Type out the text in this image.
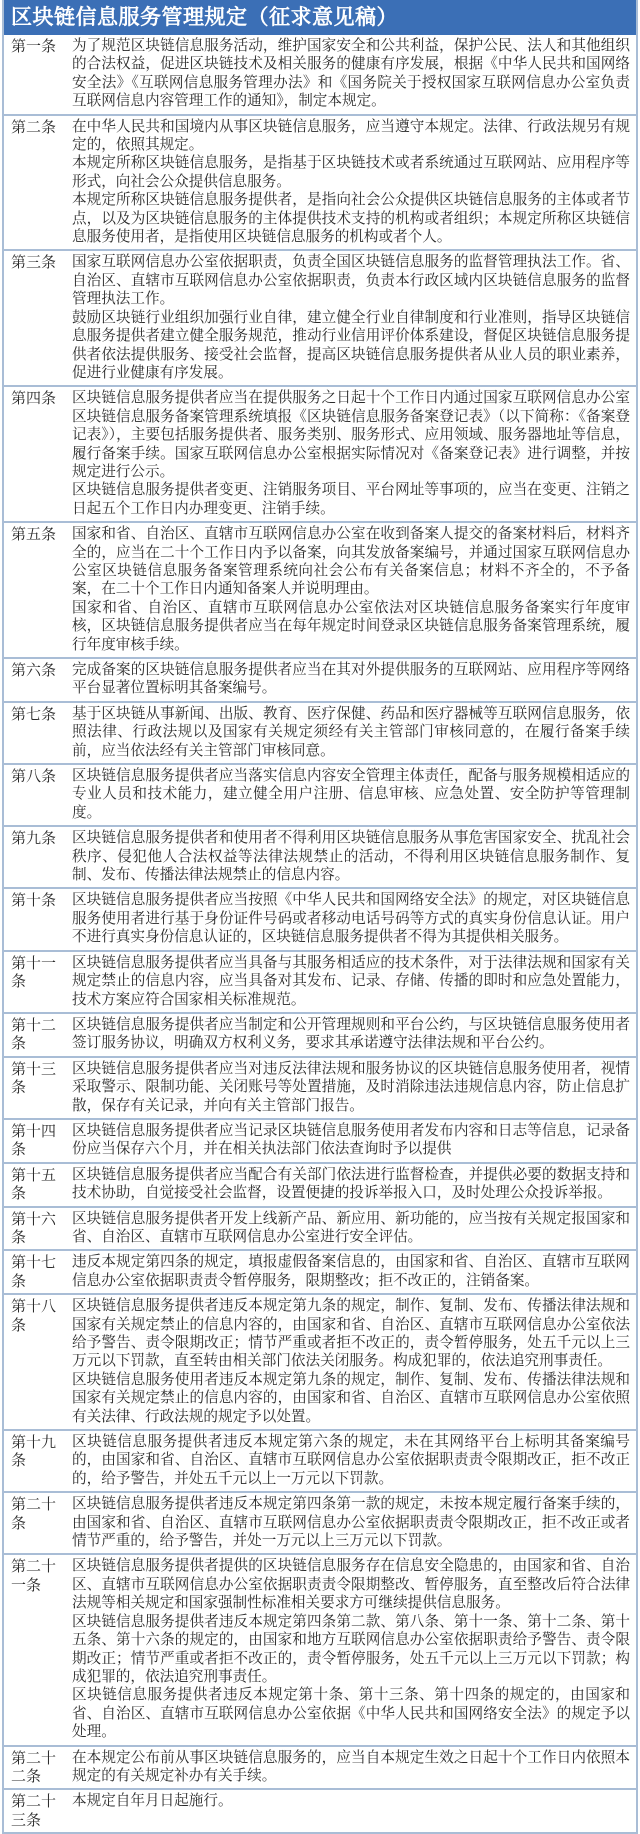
区块链信息服务管理规定（征求意见稿）
第一条 为了规范区块链信息服务活动，维护国家安全和公共利益，保护公民、法人和其他组织的合法权益，促进区块链技术及相关服务的健康有序发展，根据《中华人民共和国网络安全法》《互联网信息服务管理办法》和《国务院关于授权国家互联网信息办公室负责互联网信息内容管理工作的通知》，制定本规定。
第二条 在中华人民共和国境内从事区块链信息服务，应当遵守本规定。法律、行政法规另有规定的，依照其规定。
本规定所称区块链信息服务，是指基于区块链技术或者系统通过互联网站、应用程序等形式，向社会公众提供信息服务。
本规定所称区块链信息服务提供者，是指向社会公众提供区块链信息服务的主体或者节点，以及为区块链信息服务的主体提供技术支持的机构或者组织；本规定所称区块链信息服务使用者，是指使用区块链信息服务的机构或者个人。
第三条 国家互联网信息办公室依据职责，负责全国区块链信息服务的监督管理执法工作。省、自治区、直辖市互联网信息办公室依据职责，负责本行政区域内区块链信息服务的监督管理执法工作。
鼓励区块链行业组织加强行业自律，建立健全行业自律制度和行业准则，指导区块链信息服务提供者建立健全服务规范，推动行业信用评价体系建设，督促区块链信息服务提供者依法提供服务、接受社会监督，提高区块链信息服务提供者从业人员的职业素养，促进行业健康有序发展。
第四条 区块链信息服务提供者应当在提供服务之日起十个工作日内通过国家互联网信息办公室区块链信息服务备案管理系统填报《区块链信息服务备案登记表》（以下简称：《备案登记表》），主要包括服务提供者、服务类别、服务形式、应用领域、服务器地址等信息，履行备案手续。国家互联网信息办公室根据实际情况对《备案登记表》进行调整，并按规定进行公示。
区块链信息服务提供者变更、注销服务项目、平台网址等事项的，应当在变更、注销之日起五个工作日内办理变更、注销手续。
第五条 国家和省、自治区、直辖市互联网信息办公室在收到备案人提交的备案材料后，材料齐全的，应当在二十个工作日内予以备案，向其发放备案编号，并通过国家互联网信息办公室区块链信息服务备案管理系统向社会公布有关备案信息；材料不齐全的，不予备案，在二十个工作日内通知备案人并说明理由。
国家和省、自治区、直辖市互联网信息办公室依法对区块链信息服务备案实行年度审核，区块链信息服务提供者应当在每年规定时间登录区块链信息服务备案管理系统，履行年度审核手续。
第六条 完成备案的区块链信息服务提供者应当在其对外提供服务的互联网站、应用程序等网络平台显著位置标明其备案编号。
第七条 基于区块链从事新闻、出版、教育、医疗保健、药品和医疗器械等互联网信息服务，依照法律、行政法规以及国家有关规定须经有关主管部门审核同意的，在履行备案手续前，应当依法经有关主管部门审核同意。
第八条 区块链信息服务提供者应当落实信息内容安全管理主体责任，配备与服务规模相适应的专业人员和技术能力，建立健全用户注册、信息审核、应急处置、安全防护等管理制度。
第九条 区块链信息服务提供者和使用者不得利用区块链信息服务从事危害国家安全、扰乱社会秩序、侵犯他人合法权益等法律法规禁止的活动，不得利用区块链信息服务制作、复制、发布、传播法律法规禁止的信息内容。
第十条 区块链信息服务提供者应当按照《中华人民共和国网络安全法》的规定，对区块链信息服务使用者进行基于身份证件号码或者移动电话号码等方式的真实身份信息认证。用户不进行真实身份信息认证的，区块链信息服务提供者不得为其提供相关服务。
第十一条
区块链信息服务提供者应当具备与其服务相适应的技术条件，对于法律法规和国家有关规定禁止的信息内容，应当具备对其发布、记录、存储、传播的即时和应急处置能力，技术方案应符合国家相关标准规范。
第十二条
区块链信息服务提供者应当制定和公开管理规则和平台公约，与区块链信息服务使用者签订服务协议，明确双方权利义务，要求其承诺遵守法律法规和平台公约。
第十三条
区块链信息服务提供者应当对违反法律法规和服务协议的区块链信息服务使用者，视情采取警示、限制功能、关闭账号等处置措施，及时消除违法违规信息内容，防止信息扩散，保存有关记录，并向有关主管部门报告。
第十四条
区块链信息服务提供者应当记录区块链信息服务使用者发布内容和日志等信息，记录备份应当保存六个月，并在相关执法部门依法查询时予以提供
第十五条
区块链信息服务提供者应当配合有关部门依法进行监督检查，并提供必要的数据支持和技术协助，自觉接受社会监督，设置便捷的投诉举报入口，及时处理公众投诉举报。
第十六条
区块链信息服务提供者开发上线新产品、新应用、新功能的，应当按有关规定报国家和省、自治区、直辖市互联网信息办公室进行安全评估。
第十七条
违反本规定第四条的规定，填报虚假备案信息的，由国家和省、自治区、直辖市互联网信息办公室依据职责责令暂停服务，限期整改；拒不改正的，注销备案。
第十八条
区块链信息服务提供者违反本规定第九条的规定，制作、复制、发布、传播法律法规和国家有关规定禁止的信息内容的，由国家和省、自治区、直辖市互联网信息办公室依法给予警告、责令限期改正；情节严重或者拒不改正的，责令暂停服务，处五千元以上三万元以下罚款，直至转由相关部门依法关闭服务。构成犯罪的，依法追究刑事责任。
区块链信息服务使用者违反本规定第九条的规定，制作、复制、发布、传播法律法规和国家有关规定禁止的信息内容的，由国家和省、自治区、直辖市互联网信息办公室依照有关法律、行政法规的规定予以处置。
第十九条
区块链信息服务提供者违反本规定第六条的规定，未在其网络平台上标明其备案编号的，由国家和省、自治区、直辖市互联网信息办公室依据职责责令限期改正，拒不改正的，给予警告，并处五千元以上一万元以下罚款。
第二十条
区块链信息服务提供者违反本规定第四条第一款的规定，未按本规定履行备案手续的，由国家和省、自治区、直辖市互联网信息办公室依据职责责令限期改正，拒不改正或者情节严重的，给予警告，并处一万元以上三万元以下罚款。
第二十一条
区块链信息服务提供者提供的区块链信息服务存在信息安全隐患的，由国家和省、自治区、直辖市互联网信息办公室依据职责责令限期整改、暂停服务，直至整改后符合法律法规等相关规定和国家强制性标准相关要求方可继续提供信息服务。
区块链信息服务提供者违反本规定第四条第二款、第八条、第十一条、第十二条、第十五条、第十六条的规定的，由国家和地方互联网信息办公室依据职责给予警告、责令限期改正；情节严重或者拒不改正的，责令暂停服务，处五千元以上三万元以下罚款；构成犯罪的，依法追究刑事责任。
区块链信息服务提供者违反本规定第十条、第十三条、第十四条的规定的，由国家和省、自治区、直辖市互联网信息办公室依据《中华人民共和国网络安全法》的规定予以处理。
第二十二条
在本规定公布前从事区块链信息服务的，应当自本规定生效之日起十个工作日内依照本规定的有关规定补办有关手续。
第二十三条
本规定自年月日起施行。
